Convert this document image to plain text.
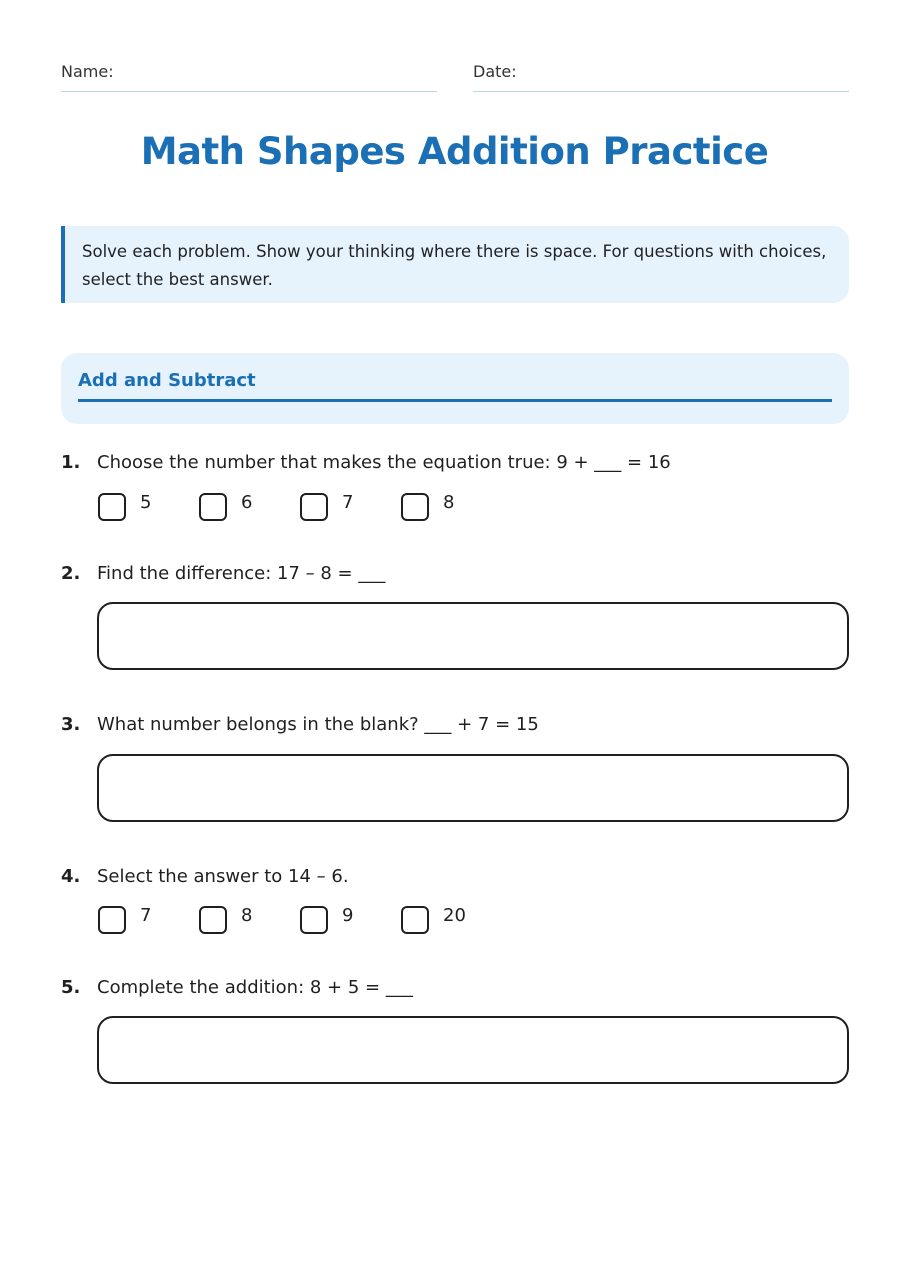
Name:	Date:
Math Shapes Addition Practice
Solve each problem. Show your thinking where there is space. For questions with choices, select the best answer.
Add and Subtract
1. Choose the number that makes the equation true: 9 + ___ = 16
5	6	7	8
2. Find the difference: 17 – 8 = ___
3. What number belongs in the blank? ___ + 7 = 15
4. Select the answer to 14 – 6.
7	8	9	20
5. Complete the addition: 8 + 5 = ___
